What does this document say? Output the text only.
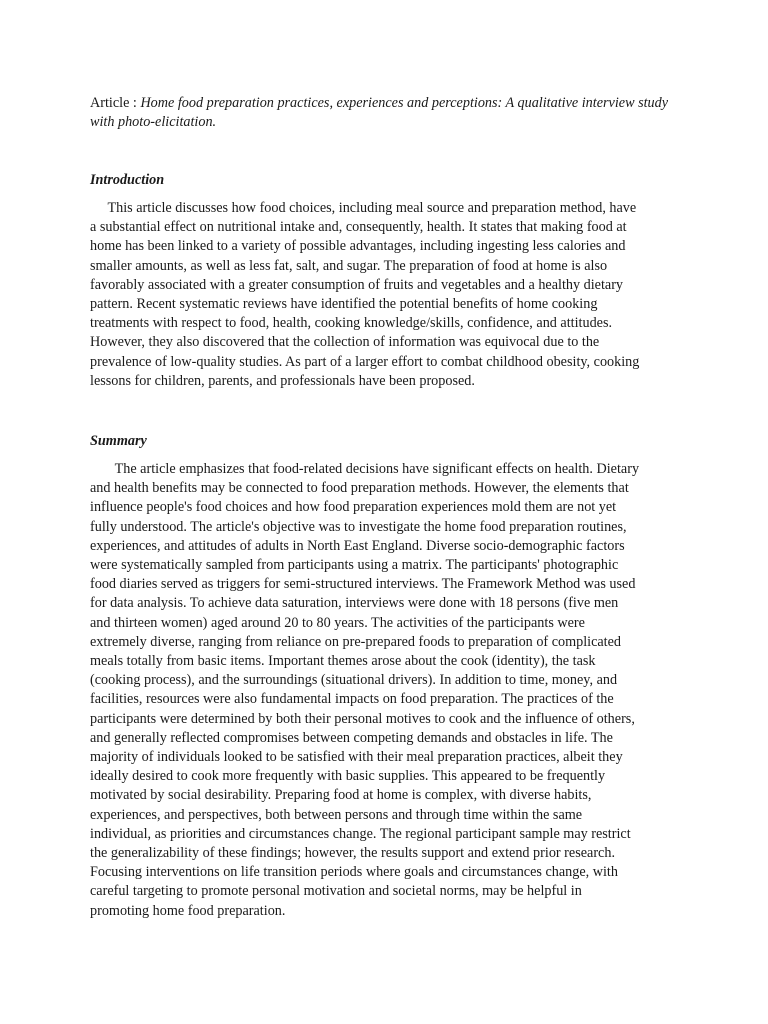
Article : Home food preparation practices, experiences and perceptions: A qualitative interview study with photo-elicitation.
Introduction

This article discusses how food choices, including meal source and preparation method, have
a substantial effect on nutritional intake and, consequently, health. It states that making food at
home has been linked to a variety of possible advantages, including ingesting less calories and
smaller amounts, as well as less fat, salt, and sugar. The preparation of food at home is also
favorably associated with a greater consumption of fruits and vegetables and a healthy dietary
pattern. Recent systematic reviews have identified the potential benefits of home cooking
treatments with respect to food, health, cooking knowledge/skills, confidence, and attitudes.
However, they also discovered that the collection of information was equivocal due to the
prevalence of low-quality studies. As part of a larger effort to combat childhood obesity, cooking
lessons for children, parents, and professionals have been proposed.

Summary

The article emphasizes that food-related decisions have significant effects on health. Dietary
and health benefits may be connected to food preparation methods. However, the elements that
influence people's food choices and how food preparation experiences mold them are not yet
fully understood. The article's objective was to investigate the home food preparation routines,
experiences, and attitudes of adults in North East England. Diverse socio-demographic factors
were systematically sampled from participants using a matrix. The participants' photographic
food diaries served as triggers for semi-structured interviews. The Framework Method was used
for data analysis. To achieve data saturation, interviews were done with 18 persons (five men
and thirteen women) aged around 20 to 80 years. The activities of the participants were
extremely diverse, ranging from reliance on pre-prepared foods to preparation of complicated
meals totally from basic items. Important themes arose about the cook (identity), the task
(cooking process), and the surroundings (situational drivers). In addition to time, money, and
facilities, resources were also fundamental impacts on food preparation. The practices of the
participants were determined by both their personal motives to cook and the influence of others,
and generally reflected compromises between competing demands and obstacles in life. The
majority of individuals looked to be satisfied with their meal preparation practices, albeit they
ideally desired to cook more frequently with basic supplies. This appeared to be frequently
motivated by social desirability. Preparing food at home is complex, with diverse habits,
experiences, and perspectives, both between persons and through time within the same
individual, as priorities and circumstances change. The regional participant sample may restrict
the generalizability of these findings; however, the results support and extend prior research.
Focusing interventions on life transition periods where goals and circumstances change, with
careful targeting to promote personal motivation and societal norms, may be helpful in
promoting home food preparation.
